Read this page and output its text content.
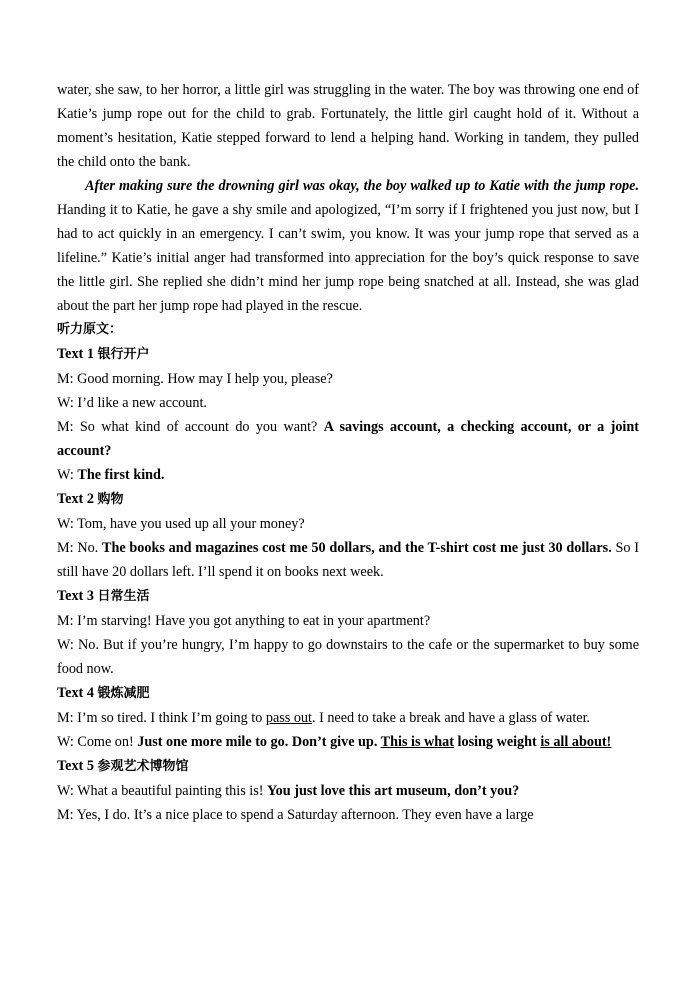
water, she saw, to her horror, a little girl was struggling in the water. The boy was throwing one end of Katie’s jump rope out for the child to grab. Fortunately, the little girl caught hold of it. Without a moment’s hesitation, Katie stepped forward to lend a helping hand. Working in tandem, they pulled the child onto the bank.

After making sure the drowning girl was okay, the boy walked up to Katie with the jump rope. Handing it to Katie, he gave a shy smile and apologized, “I’m sorry if I frightened you just now, but I had to act quickly in an emergency. I can’t swim, you know. It was your jump rope that served as a lifeline.” Katie’s initial anger had transformed into appreciation for the boy’s quick response to save the little girl. She replied she didn’t mind her jump rope being snatched at all. Instead, she was glad about the part her jump rope had played in the rescue.

听力原文：

Text 1 银行开户

M: Good morning. How may I help you, please?

W: I’d like a new account.

M: So what kind of account do you want? A savings account, a checking account, or a joint account?

W: The first kind.

Text 2 购物

W: Tom, have you used up all your money?

M: No. The books and magazines cost me 50 dollars, and the T-shirt cost me just 30 dollars. So I still have 20 dollars left. I’ll spend it on books next week.

Text 3 日常生活

M: I’m starving! Have you got anything to eat in your apartment?

W: No. But if you’re hungry, I’m happy to go downstairs to the cafe or the supermarket to buy some food now.

Text 4 锻炼减肥

M: I’m so tired. I think I’m going to pass out. I need to take a break and have a glass of water.

W: Come on! Just one more mile to go. Don’t give up. This is what losing weight is all about!

Text 5 参观艺术博物馆

W: What a beautiful painting this is! You just love this art museum, don’t you?

M: Yes, I do. It’s a nice place to spend a Saturday afternoon. They even have a large
